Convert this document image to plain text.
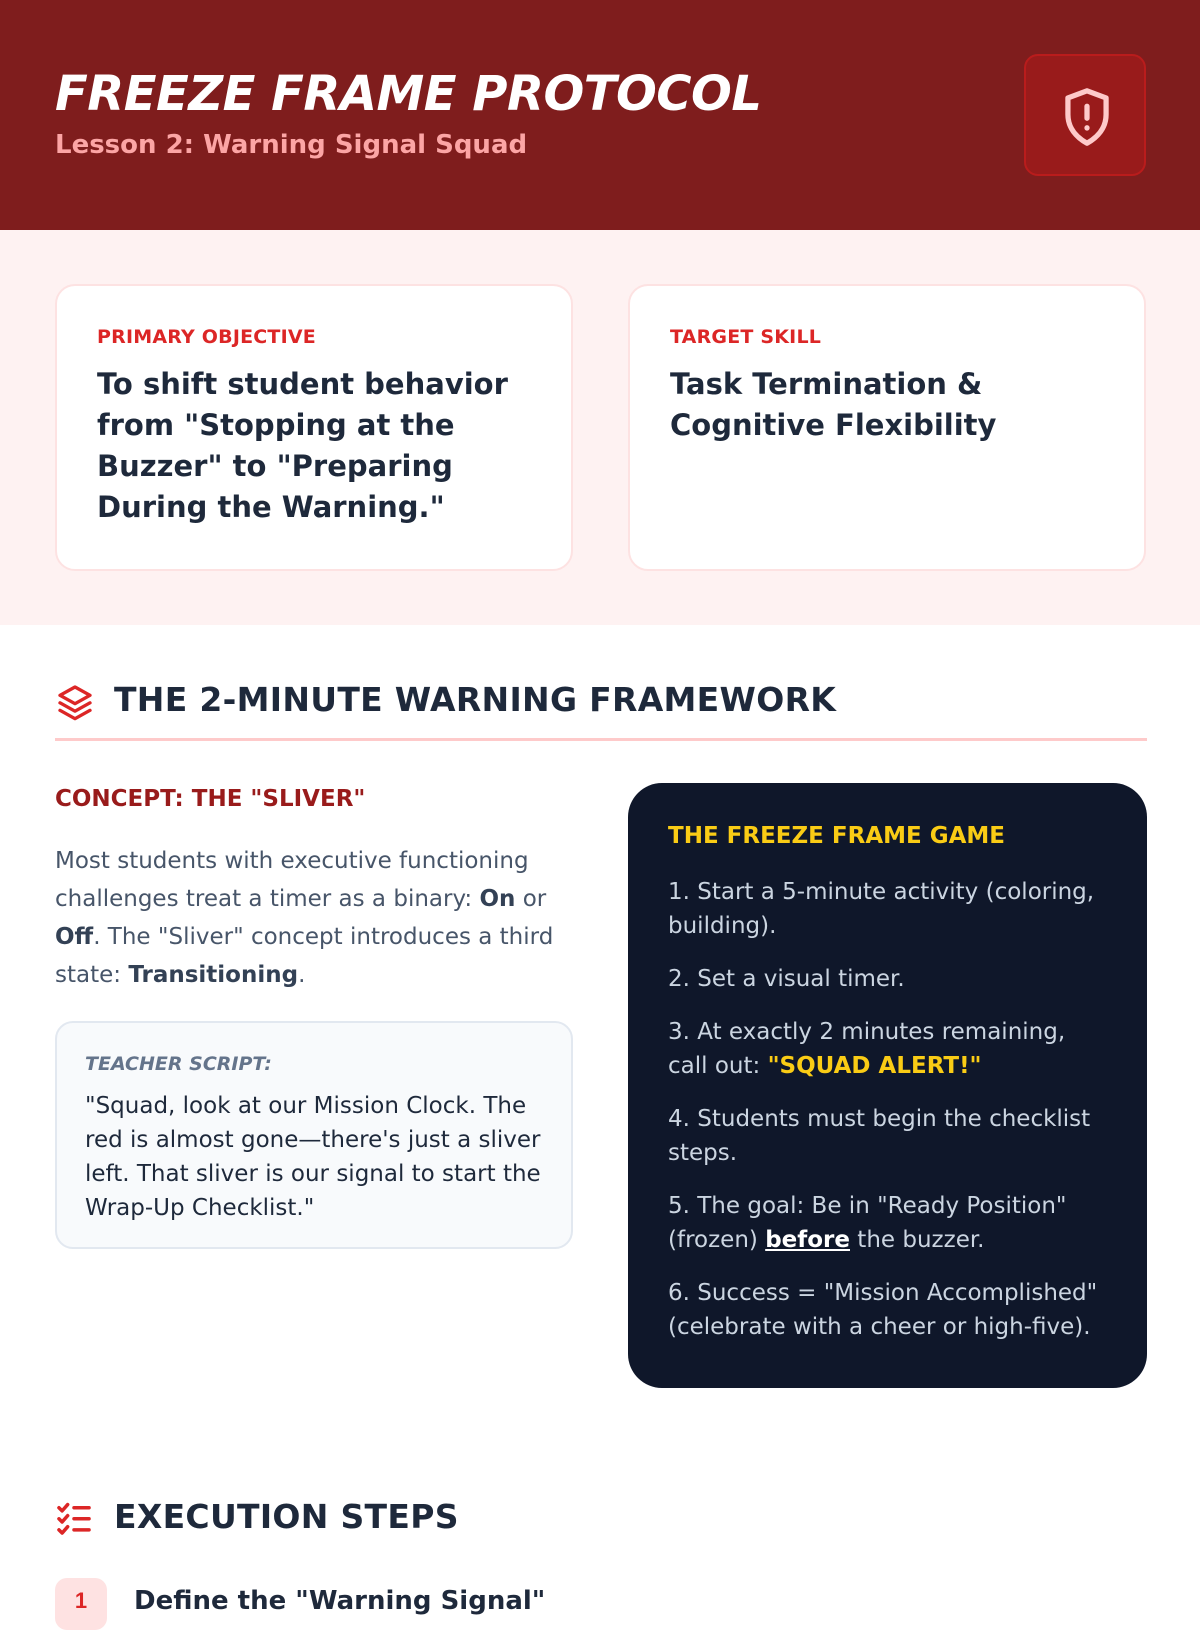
FREEZE FRAME PROTOCOL
Lesson 2: Warning Signal Squad
PRIMARY OBJECTIVE
To shift student behavior from "Stopping at the Buzzer" to "Preparing During the Warning."
TARGET SKILL
Task Termination & Cognitive Flexibility
THE 2-MINUTE WARNING FRAMEWORK
CONCEPT: THE "SLIVER"
Most students with executive functioning challenges treat a timer as a binary: On or Off. The "Sliver" concept introduces a third state: Transitioning.
TEACHER SCRIPT:
"Squad, look at our Mission Clock. The red is almost gone—there's just a sliver left. That sliver is our signal to start the Wrap-Up Checklist."
THE FREEZE FRAME GAME
1. Start a 5-minute activity (coloring, building).
2. Set a visual timer.
3. At exactly 2 minutes remaining, call out: "SQUAD ALERT!"
4. Students must begin the checklist steps.
5. The goal: Be in "Ready Position" (frozen) before the buzzer.
6. Success = "Mission Accomplished" (celebrate with a cheer or high-five).
EXECUTION STEPS
1	Define the "Warning Signal"
